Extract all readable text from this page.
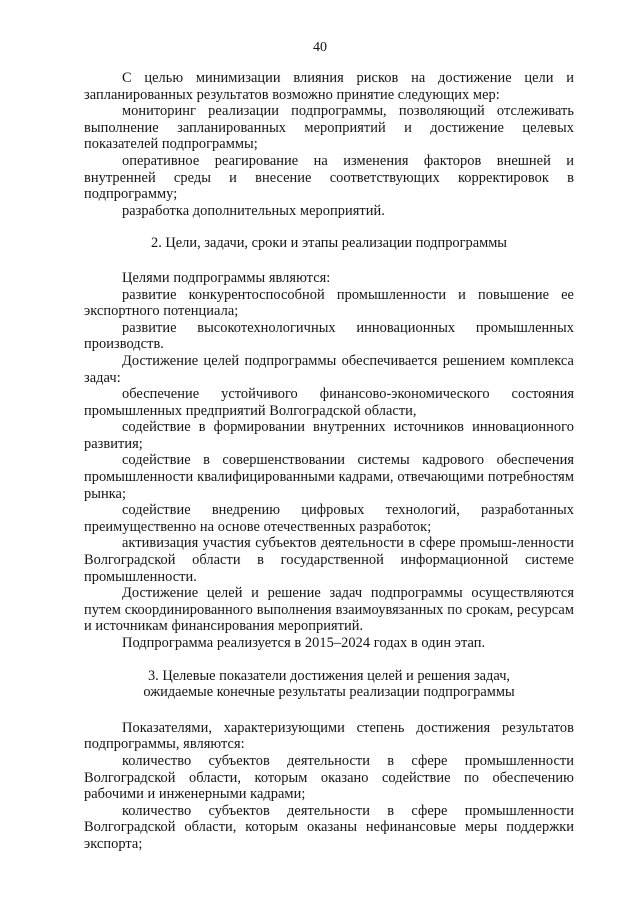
40

С целью минимизации влияния рисков на достижение цели и запланированных результатов возможно принятие следующих мер:

мониторинг реализации подпрограммы, позволяющий отслеживать выполнение запланированных мероприятий и достижение целевых показателей подпрограммы;

оперативное реагирование на изменения факторов внешней и внутренней среды и внесение соответствующих корректировок в подпрограмму;

разработка дополнительных мероприятий.

2. Цели, задачи, сроки и этапы реализации подпрограммы

Целями подпрограммы являются:

развитие конкурентоспособной промышленности и повышение ее экспортного потенциала;

развитие высокотехнологичных инновационных промышленных производств.

Достижение целей подпрограммы обеспечивается решением комплекса задач:

обеспечение устойчивого финансово-экономического состояния промышленных предприятий Волгоградской области,

содействие в формировании внутренних источников инновационного развития;

содействие в совершенствовании системы кадрового обеспечения промышленности квалифицированными кадрами, отвечающими потребностям рынка;

содействие внедрению цифровых технологий, разработанных преимущественно на основе отечественных разработок;

активизация участия субъектов деятельности в сфере промыш-ленности Волгоградской области в государственной информационной системе промышленности.

Достижение целей и решение задач подпрограммы осуществляются путем скоординированного выполнения взаимоувязанных по срокам, ресурсам и источникам финансирования мероприятий.

Подпрограмма реализуется в 2015–2024 годах в один этап.

3. Целевые показатели достижения целей и решения задач,
ожидаемые конечные результаты реализации подпрограммы

Показателями, характеризующими степень достижения результатов подпрограммы, являются:

количество субъектов деятельности в сфере промышленности Волгоградской области, которым оказано содействие по обеспечению рабочими и инженерными кадрами;

количество субъектов деятельности в сфере промышленности Волгоградской области, которым оказаны нефинансовые меры поддержки экспорта;
